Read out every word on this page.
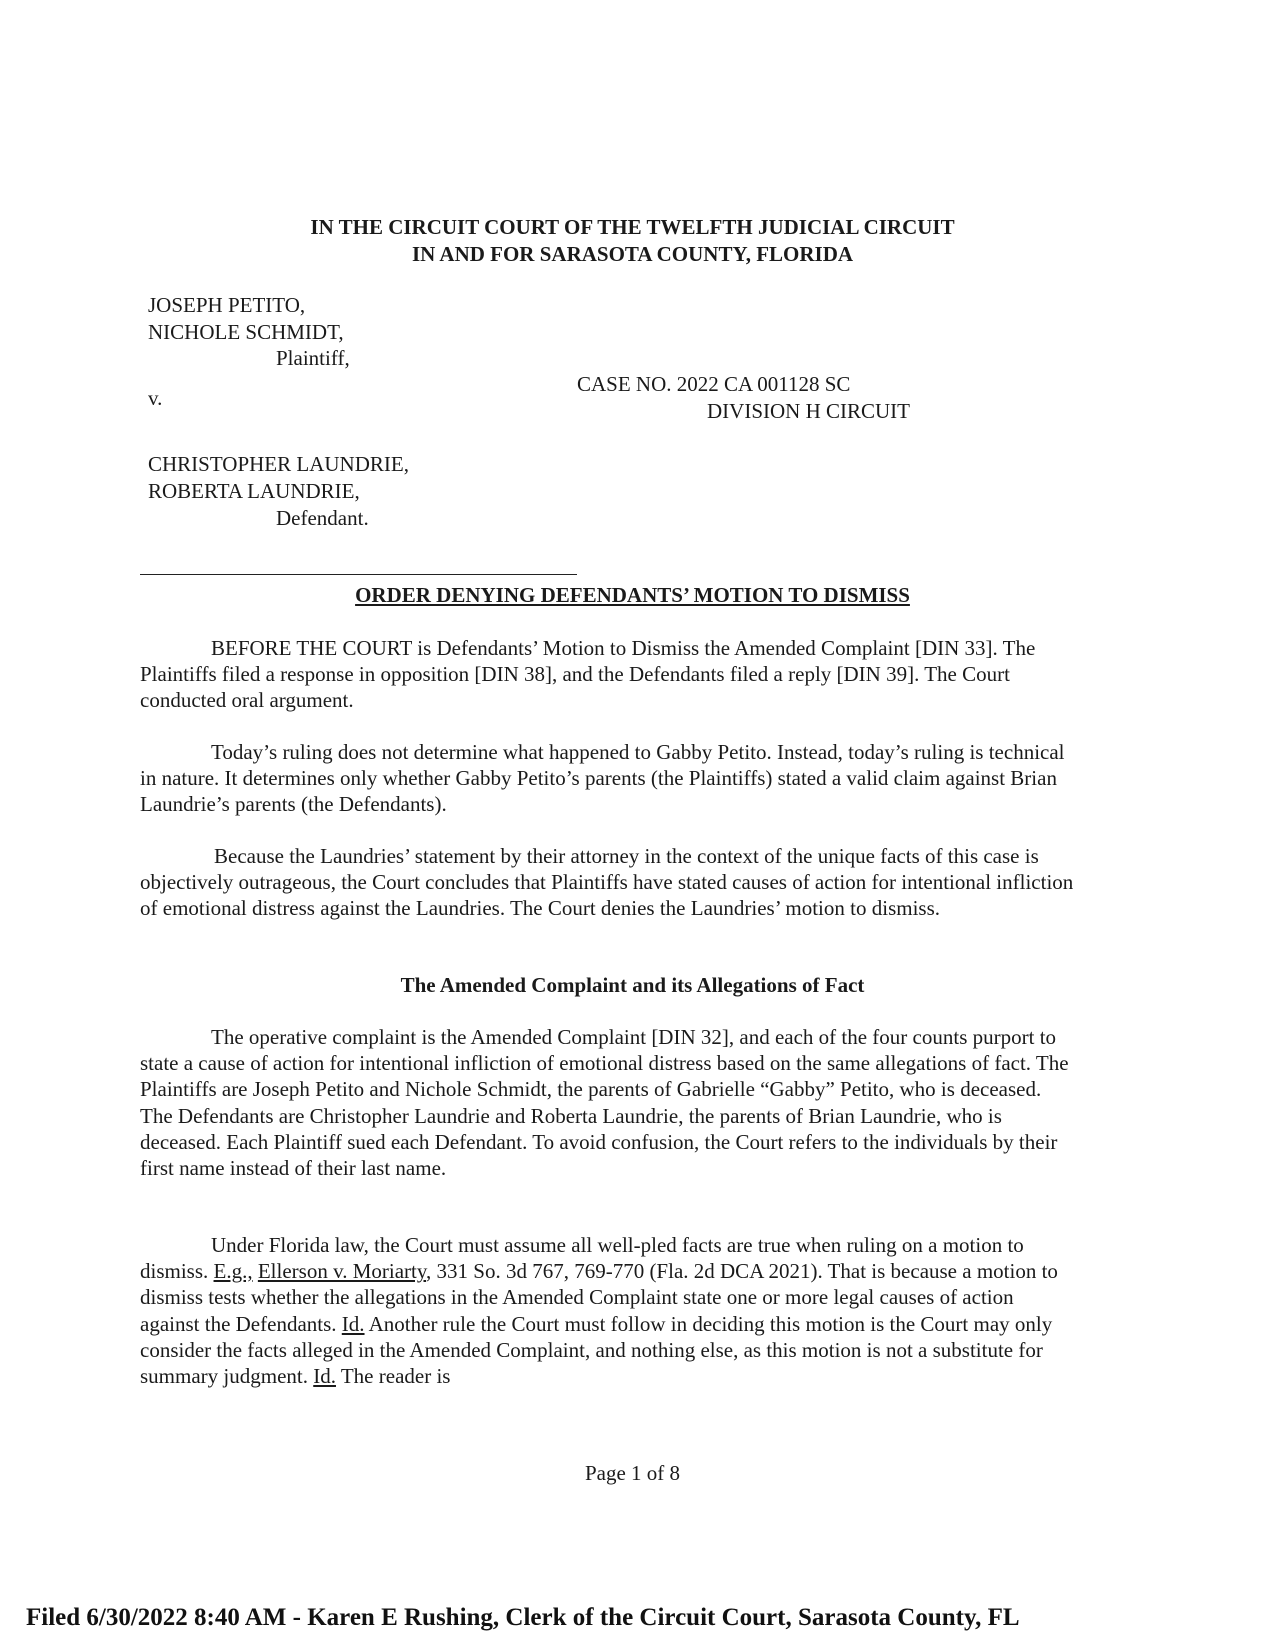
IN THE CIRCUIT COURT OF THE TWELFTH JUDICIAL CIRCUIT
IN AND FOR SARASOTA COUNTY, FLORIDA
JOSEPH PETITO,
NICHOLE SCHMIDT,
Plaintiff,
v.
CASE NO. 2022 CA 001128 SC
DIVISION H CIRCUIT
CHRISTOPHER LAUNDRIE,
ROBERTA LAUNDRIE,
Defendant.
ORDER DENYING DEFENDANTS’ MOTION TO DISMISS
BEFORE THE COURT is Defendants’ Motion to Dismiss the Amended Complaint [DIN 33]. The Plaintiffs filed a response in opposition [DIN 38], and the Defendants filed a reply [DIN 39]. The Court conducted oral argument.
Today’s ruling does not determine what happened to Gabby Petito. Instead, today’s ruling is technical in nature. It determines only whether Gabby Petito’s parents (the Plaintiffs) stated a valid claim against Brian Laundrie’s parents (the Defendants).
Because the Laundries’ statement by their attorney in the context of the unique facts of this case is objectively outrageous, the Court concludes that Plaintiffs have stated causes of action for intentional infliction of emotional distress against the Laundries. The Court denies the Laundries’ motion to dismiss.
The Amended Complaint and its Allegations of Fact
The operative complaint is the Amended Complaint [DIN 32], and each of the four counts purport to state a cause of action for intentional infliction of emotional distress based on the same allegations of fact. The Plaintiffs are Joseph Petito and Nichole Schmidt, the parents of Gabrielle “Gabby” Petito, who is deceased. The Defendants are Christopher Laundrie and Roberta Laundrie, the parents of Brian Laundrie, who is deceased. Each Plaintiff sued each Defendant. To avoid confusion, the Court refers to the individuals by their first name instead of their last name.
Under Florida law, the Court must assume all well-pled facts are true when ruling on a motion to dismiss. E.g., Ellerson v. Moriarty, 331 So. 3d 767, 769-770 (Fla. 2d DCA 2021). That is because a motion to dismiss tests whether the allegations in the Amended Complaint state one or more legal causes of action against the Defendants. Id. Another rule the Court must follow in deciding this motion is the Court may only consider the facts alleged in the Amended Complaint, and nothing else, as this motion is not a substitute for summary judgment. Id. The reader is
Page 1 of 8
Filed 6/30/2022 8:40 AM - Karen E Rushing, Clerk of the Circuit Court, Sarasota County, FL
